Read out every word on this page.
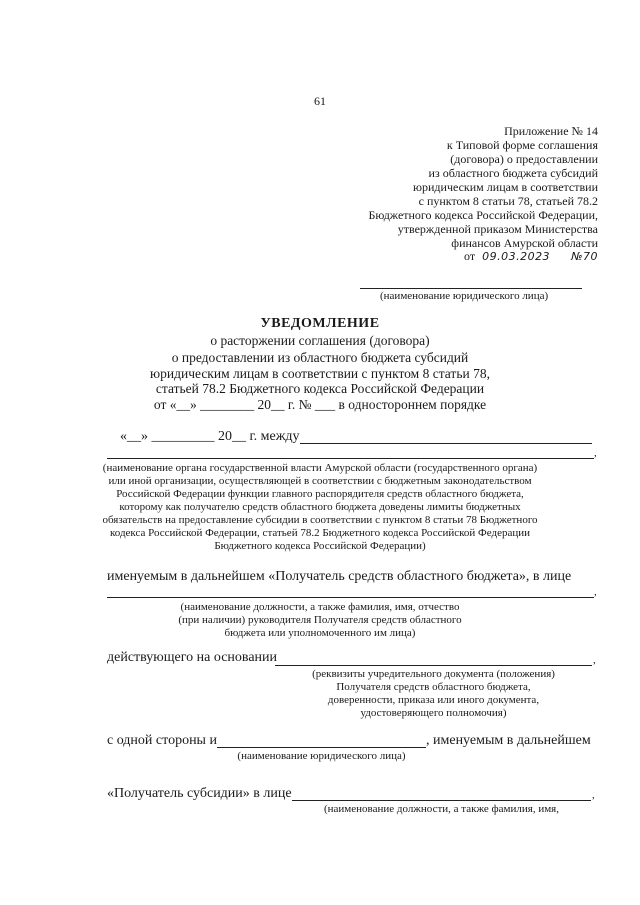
61
Приложение № 14
к Типовой форме соглашения
(договора) о предоставлении
из областного бюджета субсидий
юридическим лицам в соответствии
с пунктом 8 статьи 78, статьей 78.2
Бюджетного кодекса Российской Федерации,
утвержденной приказом Министерства
финансов Амурской области
от 09.03.2023 №70
(наименование юридического лица)
УВЕДОМЛЕНИЕ
о расторжении соглашения (договора)
о предоставлении из областного бюджета субсидий
юридическим лицам в соответствии с пунктом 8 статьи 78,
статьей 78.2 Бюджетного кодекса Российской Федерации
от «__» ________ 20__ г. № ___ в одностороннем порядке
«__» _________ 20__ г. между
,
(наименование органа государственной власти Амурской области (государственного органа)
или иной организации, осуществляющей в соответствии с бюджетным законодательством
Российской Федерации функции главного распорядителя средств областного бюджета,
которому как получателю средств областного бюджета доведены лимиты бюджетных
обязательств на предоставление субсидии в соответствии с пунктом 8 статьи 78 Бюджетного
кодекса Российской Федерации, статьей 78.2 Бюджетного кодекса Российской Федерации
Бюджетного кодекса Российской Федерации)
именуемым в дальнейшем «Получатель средств областного бюджета», в лице
,
(наименование должности, а также фамилия, имя, отчество
(при наличии) руководителя Получателя средств областного
бюджета или уполномоченного им лица)
действующего на основании	,
(реквизиты учредительного документа (положения)
Получателя средств областного бюджета,
доверенности, приказа или иного документа,
удостоверяющего полномочия)
с одной стороны и	, именуемым в дальнейшем
(наименование юридического лица)
«Получатель субсидии» в лице	,
(наименование должности, а также фамилия, имя,
